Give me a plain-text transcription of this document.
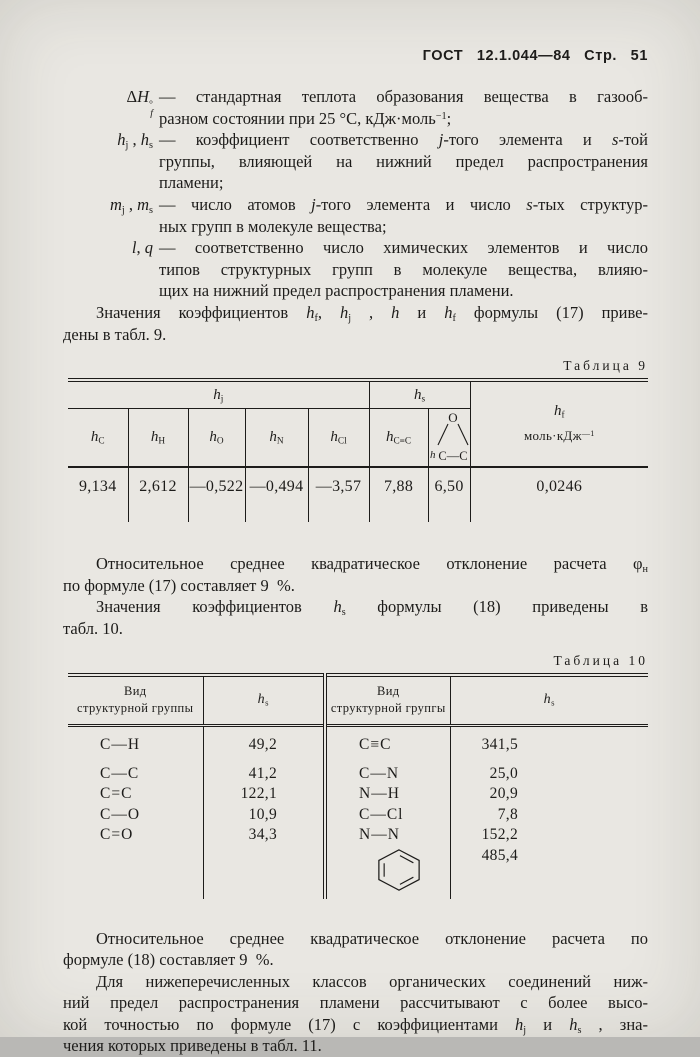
ГОСТ 12.1.044—84 Стр. 51
ΔH °
f
— стандартная теплота образования вещества в газооб-
разном состоянии при 25 °C, кДж·моль$^{-1}$;
$h_j$ , $h_s$ — коэффициент соответственно j-того элемента и s-той
группы, влияющей на нижний предел распространения
пламени;
$m_j$ , $m_s$ — число атомов j-того элемента и число s-тых структур-
ных групп в молекуле вещества;
l, q — соответственно число химических элементов и число
типов структурных групп в молекуле вещества, влияю-
щих на нижний предел распространения пламени.
Значения коэффициентов $h_f$, $h_j$ , h и $h_f$ формулы (17) приве-
дены в табл. 9.
Таблица 9
$h_j$					$h_s$		$h_f$
моль·кДж$^{—1}$
$h_C$	$h_H$	$h_O$	$h_N$	$h_{Cl}$	$h_{C\equiv C}$	O
h C—C	

9,134	2,612	—0,522	—0,494	—3,57	7,88	6,50	0,0246
Относительное среднее квадратическое отклонение расчета $\varphi_н$
по формуле (17) составляет 9  %.
Значения коэффициентов $h_s$ формулы (18) приведены в
табл. 10.
Таблица 10
Вид
структурной группы	$h_s$	Вид
структурной групгы	$h_s$
C—H	49,2	C≡C	341,5
C—C	41,2	C—N	25,0
C=C	122,1	N—H	20,9
C—O	10,9	C—Cl	7,8
C=O	34,3	N—N	152,2
			485,4
Относительное среднее квадратическое отклонение расчета по
формуле (18) составляет 9  %.
Для нижеперечисленных классов органических соединений ниж-
ний предел распространения пламени рассчитывают с более высо-
кой точностью по формуле (17) с коэффициентами $h_j$ и $h_s$ , зна-
чения которых приведены в табл. 11.
